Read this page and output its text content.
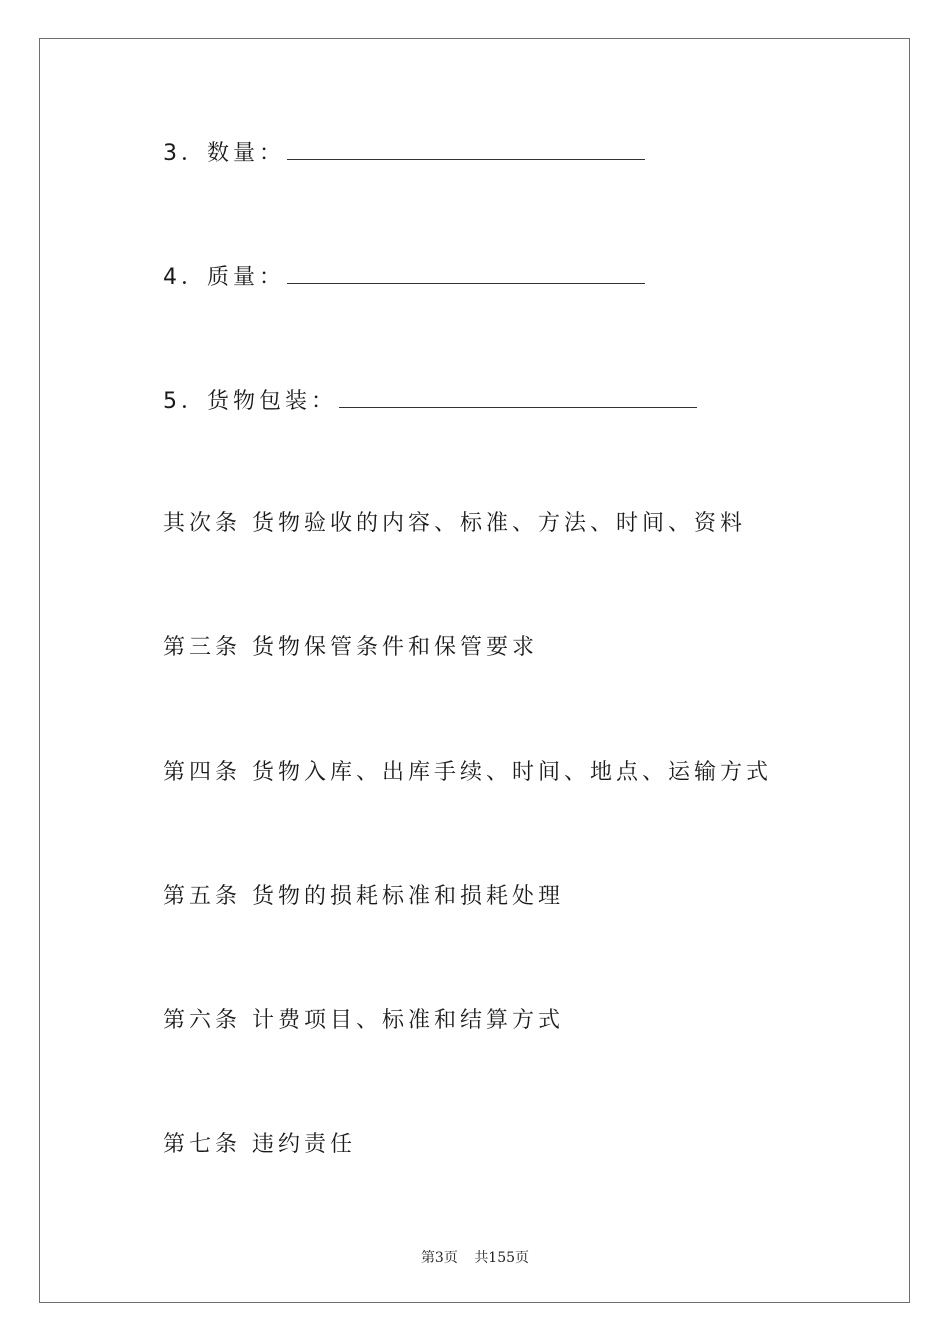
3．数量：
4．质量：
5．货物包装：
其次条 货物验收的内容、标准、方法、时间、资料
第三条 货物保管条件和保管要求
第四条 货物入库、出库手续、时间、地点、运输方式
第五条 货物的损耗标准和损耗处理
第六条 计费项目、标准和结算方式
第七条 违约责任
第3页 共155页
